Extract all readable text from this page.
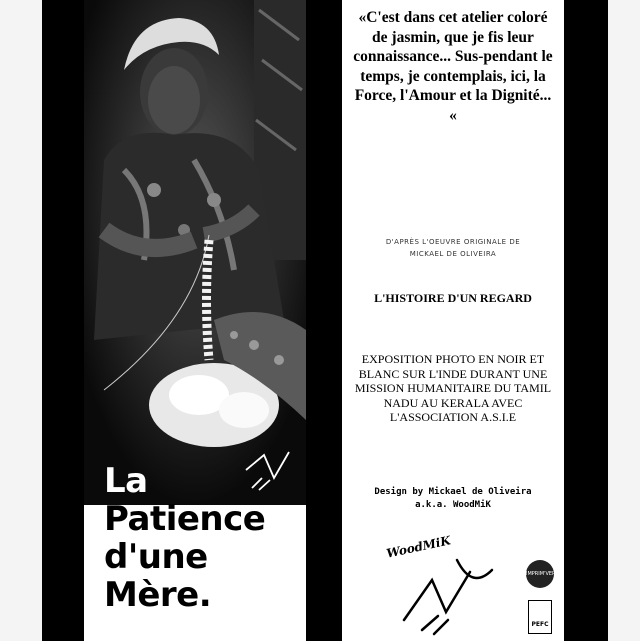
La
Patience
d'une
Mère.
«C'est dans cet atelier coloré de jasmin, que je fis leur connaissance... Sus-pendant le temps, je contemplais, ici, la Force, l'Amour et la Dignité... «
D'APRÈS L'OEUVRE ORIGINALE DE
MICKAEL DE OLIVEIRA
L'HISTOIRE D'UN REGARD
EXPOSITION PHOTO EN NOIR ET BLANC SUR L'INDE DURANT UNE MISSION HUMANITAIRE DU TAMIL NADU AU KERALA AVEC L'ASSOCIATION A.S.I.E
Design by Mickael de Oliveira
a.k.a. WoodMiK
WoodMiK
IMPRIM'VERT
PEFC
